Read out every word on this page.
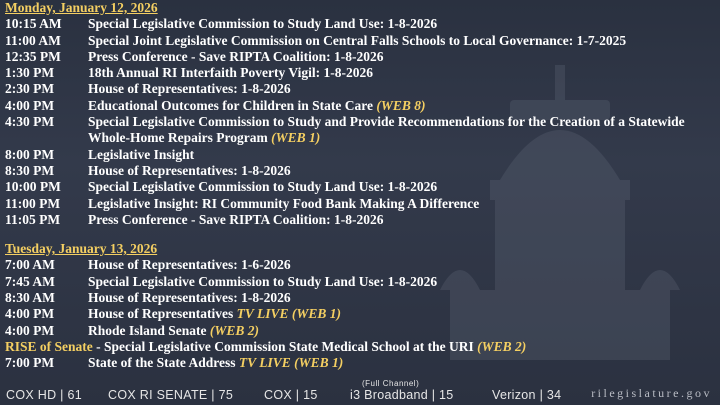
Monday, January 12, 2026
10:15 AM	Special Legislative Commission to Study Land Use: 1-8-2026
11:00 AM	Special Joint Legislative Commission on Central Falls Schools to Local Governance: 1-7-2025
12:35 PM	Press Conference - Save RIPTA Coalition: 1-8-2026
1:30 PM	18th Annual RI Interfaith Poverty Vigil: 1-8-2026
2:30 PM	House of Representatives: 1-8-2026
4:00 PM	Educational Outcomes for Children in State Care (WEB 8)
4:30 PM	Special Legislative Commission to Study and Provide Recommendations for the Creation of a Statewide Whole-Home Repairs Program (WEB 1)
8:00 PM	Legislative Insight
8:30 PM	House of Representatives: 1-8-2026
10:00 PM	Special Legislative Commission to Study Land Use: 1-8-2026
11:00 PM	Legislative Insight: RI Community Food Bank Making A Difference
11:05 PM	Press Conference - Save RIPTA Coalition: 1-8-2026
Tuesday, January 13, 2026
7:00 AM	House of Representatives: 1-6-2026
7:45 AM	Special Legislative Commission to Study Land Use: 1-8-2026
8:30 AM	House of Representatives: 1-8-2026
4:00 PM	House of Representatives TV LIVE (WEB 1)
4:00 PM	Rhode Island Senate (WEB 2)
RISE of Senate - Special Legislative Commission State Medical School at the URI (WEB 2)
7:00 PM	State of the State Address TV LIVE (WEB 1)
COX HD | 61 COX RI SENATE | 75 COX | 15
(Full Channel)
i3 Broadband | 15	Verizon | 34 rilegislature.gov
